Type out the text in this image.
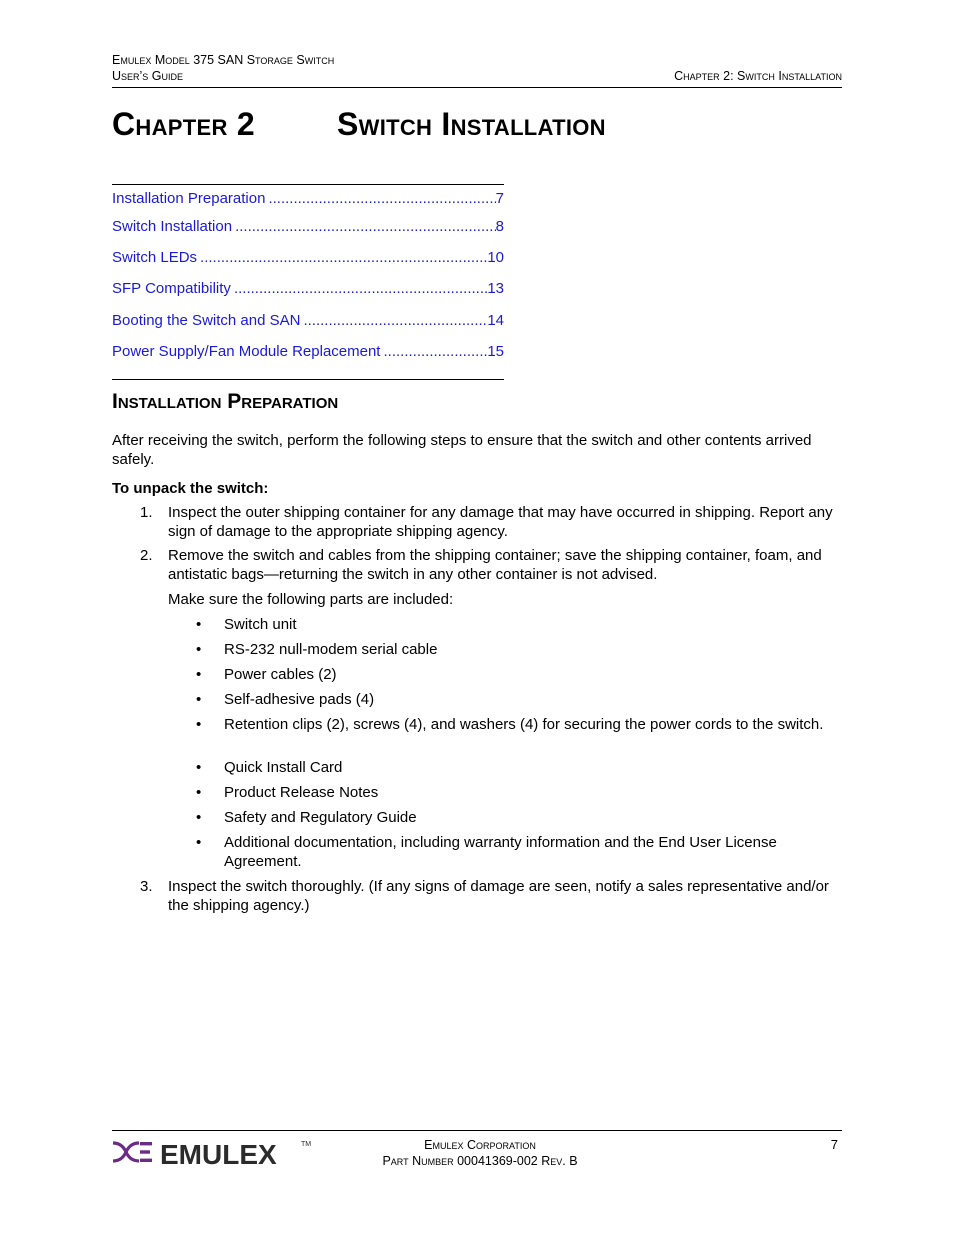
Emulex Model 375 SAN Storage Switch
User’s Guide	Chapter 2: Switch Installation
Chapter 2	Switch Installation
Installation Preparation .....	7
Switch Installation .....	8
Switch LEDs .....	10
SFP Compatibility .....	13
Booting the Switch and SAN .....	14
Power Supply/Fan Module Replacement .....	15
Installation Preparation
After receiving the switch, perform the following steps to ensure that the switch and other contents arrived safely.
To unpack the switch:
1. Inspect the outer shipping container for any damage that may have occurred in shipping. Report any sign of damage to the appropriate shipping agency.
2. Remove the switch and cables from the shipping container; save the shipping container, foam, and antistatic bags—returning the switch in any other container is not advised.
Make sure the following parts are included:
• Switch unit
• RS-232 null-modem serial cable
• Power cables (2)
• Self-adhesive pads (4)
• Retention clips (2), screws (4), and washers (4) for securing the power cords to the switch.
• Quick Install Card
• Product Release Notes
• Safety and Regulatory Guide
• Additional documentation, including warranty information and the End User License Agreement.
3. Inspect the switch thoroughly. (If any signs of damage are seen, notify a sales representative and/or the shipping agency.)
EMULEX	TM	Emulex Corporation
Part Number 00041369-002 Rev. B
7
